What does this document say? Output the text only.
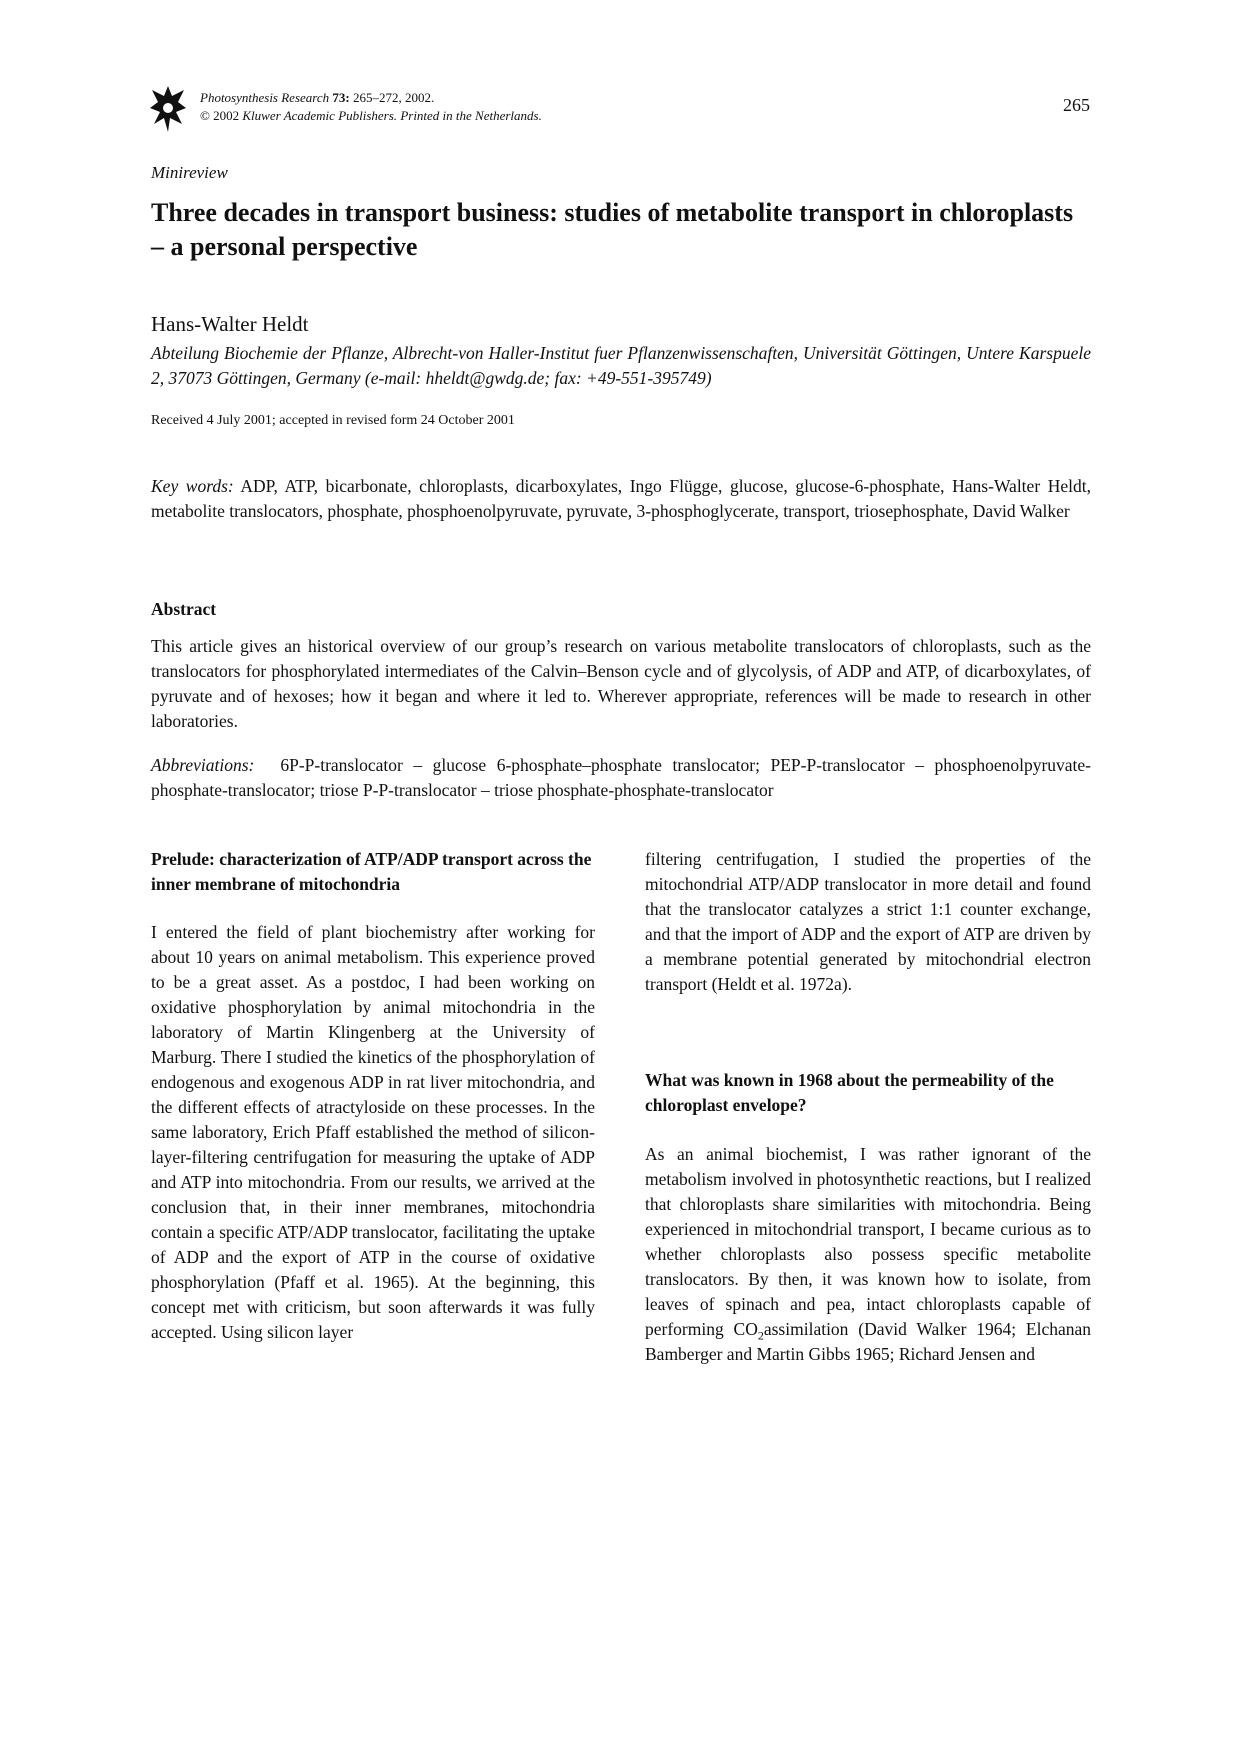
Photosynthesis Research 73: 265–272, 2002.
© 2002 Kluwer Academic Publishers. Printed in the Netherlands.
265
Minireview
Three decades in transport business: studies of metabolite transport in chloroplasts – a personal perspective
Hans-Walter Heldt
Abteilung Biochemie der Pflanze, Albrecht-von Haller-Institut fuer Pflanzenwissenschaften, Universität Göttingen, Untere Karspuele 2, 37073 Göttingen, Germany (e-mail: hheldt@gwdg.de; fax: +49-551-395749)
Received 4 July 2001; accepted in revised form 24 October 2001
Key words: ADP, ATP, bicarbonate, chloroplasts, dicarboxylates, Ingo Flügge, glucose, glucose-6-phosphate, Hans-Walter Heldt, metabolite translocators, phosphate, phosphoenolpyruvate, pyruvate, 3-phosphoglycerate, transport, triosephosphate, David Walker
Abstract
This article gives an historical overview of our group’s research on various metabolite translocators of chloroplasts, such as the translocators for phosphorylated intermediates of the Calvin–Benson cycle and of glycolysis, of ADP and ATP, of dicarboxylates, of pyruvate and of hexoses; how it began and where it led to. Wherever appropriate, references will be made to research in other laboratories.
Abbreviations: 6P-P-translocator – glucose 6-phosphate–phosphate translocator; PEP-P-translocator – phosphoenolpyruvate-phosphate-translocator; triose P-P-translocator – triose phosphate-phosphate-translocator

Prelude: characterization of ATP/ADP transport across the inner membrane of mitochondria

I entered the field of plant biochemistry after working for about 10 years on animal metabolism. This experience proved to be a great asset. As a postdoc, I had been working on oxidative phosphorylation by animal mitochondria in the laboratory of Martin Klingenberg at the University of Marburg. There I studied the kinetics of the phosphorylation of endogenous and exogenous ADP in rat liver mitochondria, and the different effects of atractyloside on these processes. In the same laboratory, Erich Pfaff established the method of silicon-layer-filtering centrifugation for measuring the uptake of ADP and ATP into mitochondria. From our results, we arrived at the conclusion that, in their inner membranes, mitochondria contain a specific ATP/ADP translocator, facilitating the uptake of ADP and the export of ATP in the course of oxidative phosphorylation (Pfaff et al. 1965). At the beginning, this concept met with criticism, but soon afterwards it was fully accepted. Using silicon layer

filtering centrifugation, I studied the properties of the mitochondrial ATP/ADP translocator in more detail and found that the translocator catalyzes a strict 1:1 counter exchange, and that the import of ADP and the export of ATP are driven by a membrane potential generated by mitochondrial electron transport (Heldt et al. 1972a).

What was known in 1968 about the permeability of the chloroplast envelope?

As an animal biochemist, I was rather ignorant of the metabolism involved in photosynthetic reactions, but I realized that chloroplasts share similarities with mitochondria. Being experienced in mitochondrial transport, I became curious as to whether chloroplasts also possess specific metabolite translocators. By then, it was known how to isolate, from leaves of spinach and pea, intact chloroplasts capable of performing $CO_2assimilation$ (David Walker 1964; Elchanan Bamberger and Martin Gibbs 1965; Richard Jensen and
